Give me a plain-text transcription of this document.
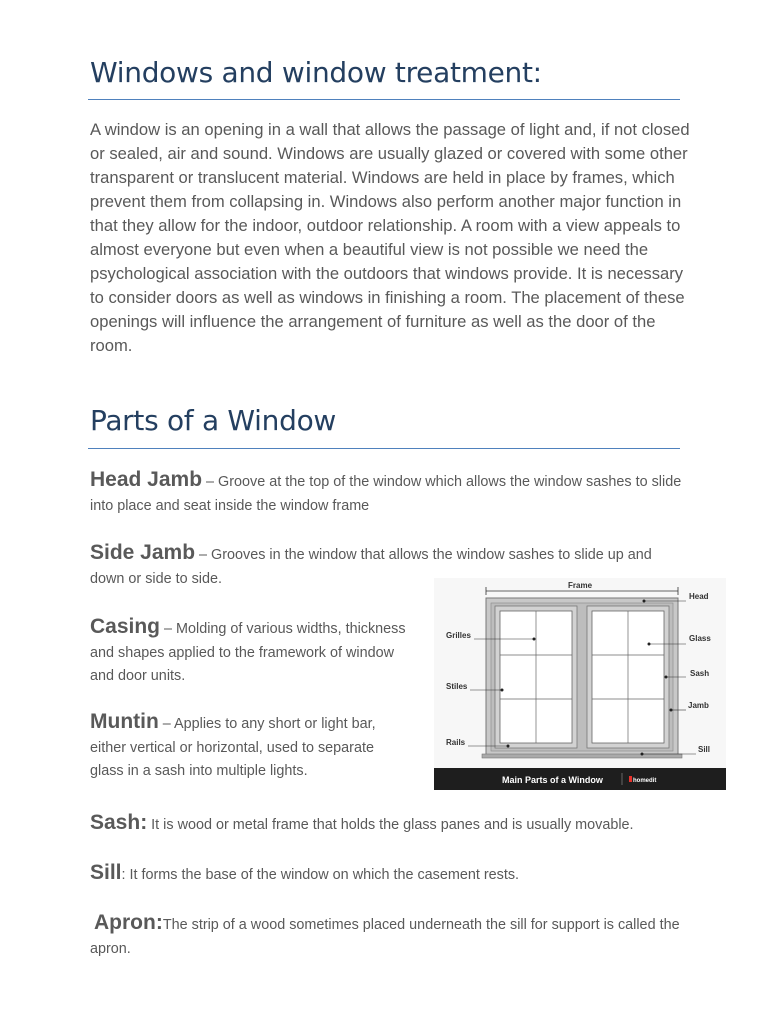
Windows and window treatment:

A window is an opening in a wall that allows the passage of light and, if not closed or sealed, air and sound. Windows are usually glazed or covered with some other transparent or translucent material. Windows are held in place by frames, which prevent them from collapsing in. Windows also perform another major function in that they allow for the indoor, outdoor relationship. A room with a view appeals to almost everyone but even when a beautiful view is not possible we need the psychological association with the outdoors that windows provide. It is necessary to consider doors as well as windows in finishing a room. The placement of these openings will influence the arrangement of furniture as well as the door of the room.

Parts of a Window

Head Jamb – Groove at the top of the window which allows the window sashes to slide into place and seat inside the window frame

Side Jamb – Grooves in the window that allows the window sashes to slide up and down or side to side.

Casing – Molding of various widths, thickness and shapes applied to the framework of window and door units.

Muntin – Applies to any short or light bar, either vertical or horizontal, used to separate glass in a sash into multiple lights.

Sash: It is wood or metal frame that holds the glass panes and is usually movable.

Sill: It forms the base of the window on which the casement rests.

Apron:The strip of a wood sometimes placed underneath the sill for support is called the apron.

Frame
Grilles
Stiles
Rails
Head
Glass
Sash
Jamb
Sill
Main Parts of a Window	homedit
